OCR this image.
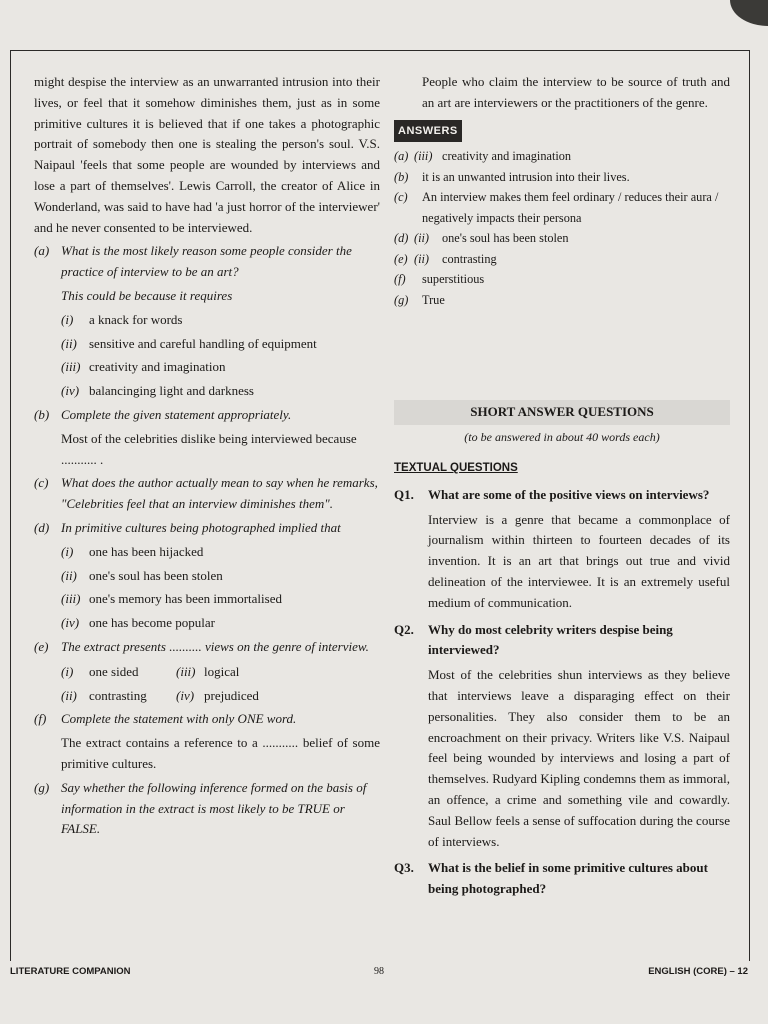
might despise the interview as an unwarranted intrusion into their lives, or feel that it somehow diminishes them, just as in some primitive cultures it is believed that if one takes a photographic portrait of somebody then one is stealing the person's soul. V.S. Naipaul 'feels that some people are wounded by interviews and lose a part of themselves'. Lewis Carroll, the creator of Alice in Wonderland, was said to have had 'a just horror of the interviewer' and he never consented to be interviewed.

(a) What is the most likely reason some people consider the practice of interview to be an art?

This could be because it requires

(i)	a knack for words
(ii) sensitive and careful handling of equipment
(iii) creativity and imagination
(iv) balancinging light and darkness
(b) Complete the given statement appropriately.

Most of the celebrities dislike being interviewed because ........... .

(c) What does the author actually mean to say when he remarks, "Celebrities feel that an interview diminishes them".
(d) In primitive cultures being photographed implied that
(i)	one has been hijacked
(ii) one's soul has been stolen
(iii) one's memory has been immortalised
(iv) one has become popular
(e) The extract presents .......... views on the genre of interview.
(i)	one sided	(iii) logical
(ii) contrasting (iv) prejudiced
(f)	Complete the statement with only ONE word.

The extract contains a reference to a ........... belief of some primitive cultures.

(g) Say whether the following inference formed on the basis of information in the extract is most likely to be TRUE or FALSE.

People who claim the interview to be source of truth and an art are interviewers or the practitioners of the genre.

ANSWERS
(a) (iii) creativity and imagination
(b)	it is an unwanted intrusion into their lives.
(c)	An interview makes them feel ordinary / reduces their aura / negatively impacts their persona
(d) (ii)	one's soul has been stolen
(e) (ii)	contrasting
(f)	superstitious
(g)	True
SHORT ANSWER QUESTIONS
(to be answered in about 40 words each)
TEXTUAL QUESTIONS
Q1.	What are some of the positive views on interviews?

Interview is a genre that became a commonplace of journalism within thirteen to fourteen decades of its invention. It is an art that brings out true and vivid delineation of the interviewee. It is an extremely useful medium of communication.

Q2.	Why do most celebrity writers despise being interviewed?

Most of the celebrities shun interviews as they believe that interviews leave a disparaging effect on their personalities. They also consider them to be an encroachment on their privacy. Writers like V.S. Naipaul feel being wounded by interviews and losing a part of themselves. Rudyard Kipling condemns them as immoral, an offence, a crime and something vile and cowardly. Saul Bellow feels a sense of suffocation during the course of interviews.

Q3.	What is the belief in some primitive cultures about being photographed?
LITERATURE COMPANION	98	ENGLISH (CORE) – 12
